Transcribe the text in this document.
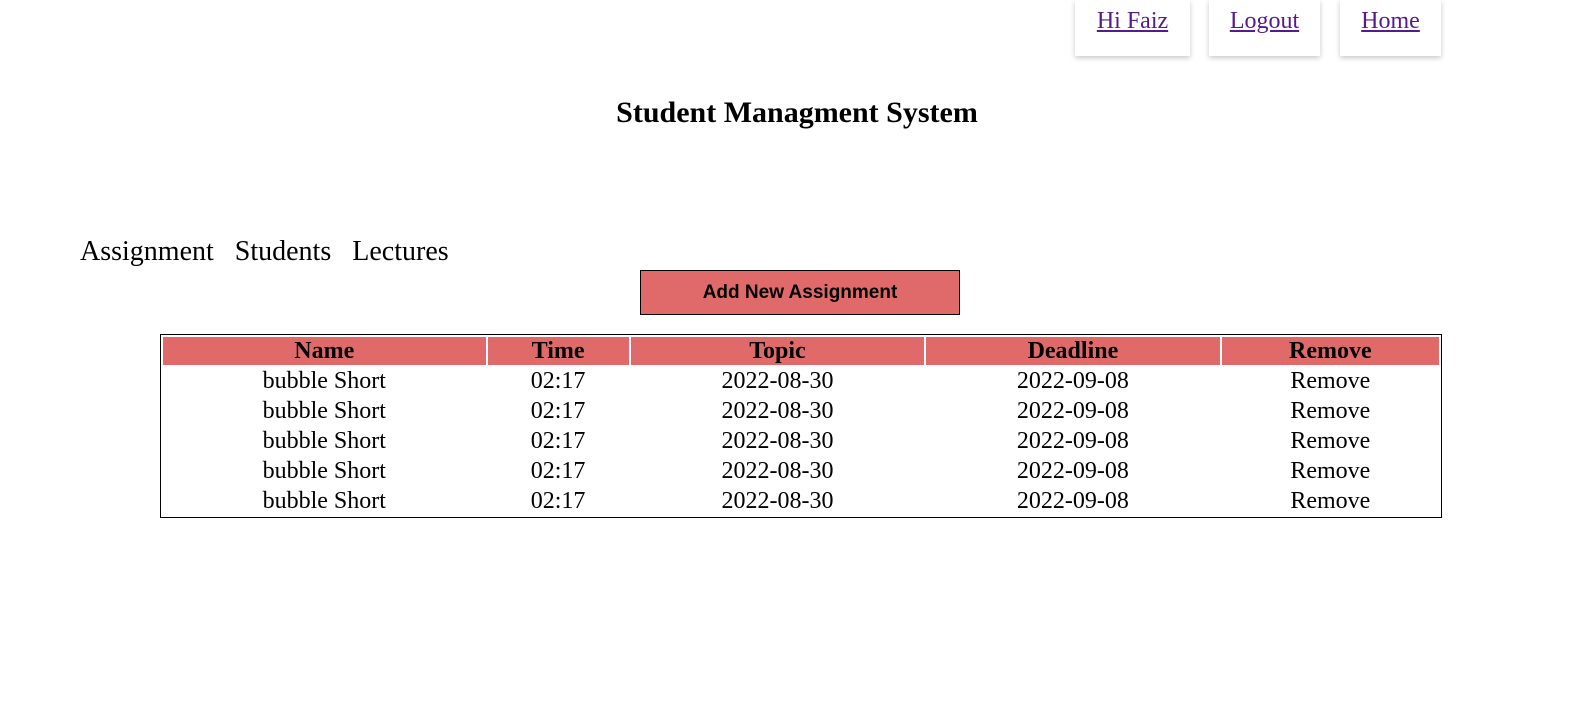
Hi Faiz	Logout	Home
Student Managment System
Assignment Students Lectures
Add New Assignment
Name	Time	Topic	Deadline	Remove
bubble Short	02:17	2022-08-30	2022-09-08	Remove
bubble Short	02:17	2022-08-30	2022-09-08	Remove
bubble Short	02:17	2022-08-30	2022-09-08	Remove
bubble Short	02:17	2022-08-30	2022-09-08	Remove
bubble Short	02:17	2022-08-30	2022-09-08	Remove
